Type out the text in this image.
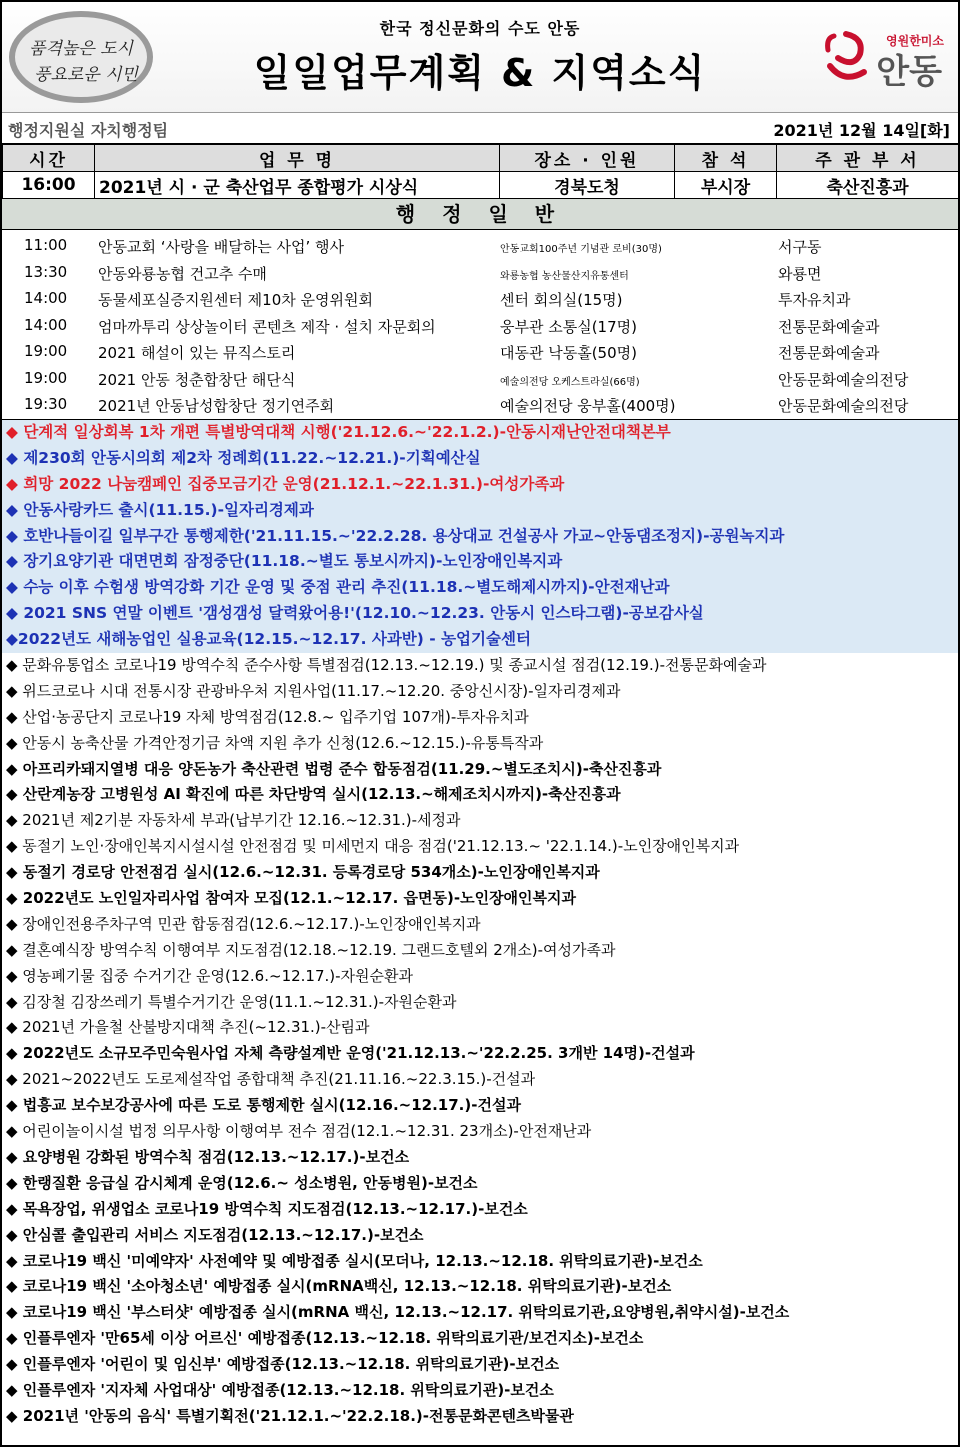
품격높은 도시
풍요로운 시민
한국 정신문화의 수도 안동
일일업무계획 & 지역소식
영원한미소
안동
행정지원실 자치행정팀	2021년 12월 14일[화]
시간	업 무 명	장소 · 인원	참 석	주 관 부 서
16:00	2021년 시 · 군 축산업무 종합평가 시상식	경북도청	부시장	축산진흥과
행 정 일 반
11:00 안동교회 ‘사랑을 배달하는 사업’ 행사	안동교회100주년 기념관 로비(30명)	서구동
13:30 안동와룡농협 건고추 수매	와룡농협 농산물산지유통센터	와룡면
14:00 동물세포실증지원센터 제10차 운영위원회	센터 회의실(15명)	투자유치과
14:00 엄마까투리 상상놀이터 콘텐츠 제작 · 설치 자문회의	웅부관 소통실(17명)	전통문화예술과
19:00 2021 해설이 있는 뮤직스토리	대동관 낙동홀(50명)	전통문화예술과
19:00 2021 안동 청춘합창단 해단식	예술의전당 오케스트라실(66명)	안동문화예술의전당
19:30 2021년 안동남성합창단 정기연주회	예술의전당 웅부홀(400명)	안동문화예술의전당
◆ 단계적 일상회복 1차 개편 특별방역대책 시행('21.12.6.~'22.1.2.)-안동시재난안전대책본부
◆ 제230회 안동시의회 제2차 정례회(11.22.~12.21.)-기획예산실
◆ 희망 2022 나눔캠페인 집중모금기간 운영(21.12.1.~22.1.31.)-여성가족과
◆ 안동사랑카드 출시(11.15.)-일자리경제과
◆ 호반나들이길 일부구간 통행제한('21.11.15.~'22.2.28. 용상대교 건설공사 가교~안동댐조정지)-공원녹지과
◆ 장기요양기관 대면면회 잠정중단(11.18.~별도 통보시까지)-노인장애인복지과
◆ 수능 이후 수험생 방역강화 기간 운영 및 중점 관리 추진(11.18.~별도해제시까지)-안전재난과
◆ 2021 SNS 연말 이벤트 '갬성갬성 달력왔어용!'(12.10.~12.23. 안동시 인스타그램)-공보감사실
◆2022년도 새해농업인 실용교육(12.15.~12.17. 사과반) - 농업기술센터
◆ 문화유통업소 코로나19 방역수칙 준수사항 특별점검(12.13.~12.19.) 및 종교시설 점검(12.19.)-전통문화예술과
◆ 위드코로나 시대 전통시장 관광바우처 지원사업(11.17.~12.20. 중앙신시장)-일자리경제과
◆ 산업·농공단지 코로나19 자체 방역점검(12.8.~ 입주기업 107개)-투자유치과
◆ 안동시 농축산물 가격안정기금 차액 지원 추가 신청(12.6.~12.15.)-유통특작과
◆ 아프리카돼지열병 대응 양돈농가 축산관련 법령 준수 합동점검(11.29.~별도조치시)-축산진흥과
◆ 산란계농장 고병원성 AI 확진에 따른 차단방역 실시(12.13.~해제조치시까지)-축산진흥과
◆ 2021년 제2기분 자동차세 부과(납부기간 12.16.~12.31.)-세정과
◆ 동절기 노인·장애인복지시설시설 안전점검 및 미세먼지 대응 점검('21.12.13.~ '22.1.14.)-노인장애인복지과
◆ 동절기 경로당 안전점검 실시(12.6.~12.31. 등록경로당 534개소)-노인장애인복지과
◆ 2022년도 노인일자리사업 참여자 모집(12.1.~12.17. 읍면동)-노인장애인복지과
◆ 장애인전용주차구역 민관 합동점검(12.6.~12.17.)-노인장애인복지과
◆ 결혼예식장 방역수칙 이행여부 지도점검(12.18.~12.19. 그랜드호텔외 2개소)-여성가족과
◆ 영농폐기물 집중 수거기간 운영(12.6.~12.17.)-자원순환과
◆ 김장철 김장쓰레기 특별수거기간 운영(11.1.~12.31.)-자원순환과
◆ 2021년 가을철 산불방지대책 추진(~12.31.)-산림과
◆ 2022년도 소규모주민숙원사업 자체 측량설계반 운영('21.12.13.~'22.2.25. 3개반 14명)-건설과
◆ 2021~2022년도 도로제설작업 종합대책 추진(21.11.16.~22.3.15.)-건설과
◆ 법흥교 보수보강공사에 따른 도로 통행제한 실시(12.16.~12.17.)-건설과
◆ 어린이놀이시설 법정 의무사항 이행여부 전수 점검(12.1.~12.31. 23개소)-안전재난과
◆ 요양병원 강화된 방역수칙 점검(12.13.~12.17.)-보건소
◆ 한랭질환 응급실 감시체계 운영(12.6.~ 성소병원, 안동병원)-보건소
◆ 목욕장업, 위생업소 코로나19 방역수칙 지도점검(12.13.~12.17.)-보건소
◆ 안심콜 출입관리 서비스 지도점검(12.13.~12.17.)-보건소
◆ 코로나19 백신 '미예약자' 사전예약 및 예방접종 실시(모더나, 12.13.~12.18. 위탁의료기관)-보건소
◆ 코로나19 백신 '소아청소년' 예방접종 실시(mRNA백신, 12.13.~12.18. 위탁의료기관)-보건소
◆ 코로나19 백신 '부스터샷' 예방접종 실시(mRNA 백신, 12.13.~12.17. 위탁의료기관,요양병원,취약시설)-보건소
◆ 인플루엔자 '만65세 이상 어르신' 예방접종(12.13.~12.18. 위탁의료기관/보건지소)-보건소
◆ 인플루엔자 '어린이 및 임신부' 예방접종(12.13.~12.18. 위탁의료기관)-보건소
◆ 인플루엔자 '지자체 사업대상' 예방접종(12.13.~12.18. 위탁의료기관)-보건소
◆ 2021년 '안동의 음식' 특별기획전('21.12.1.~'22.2.18.)-전통문화콘텐츠박물관
